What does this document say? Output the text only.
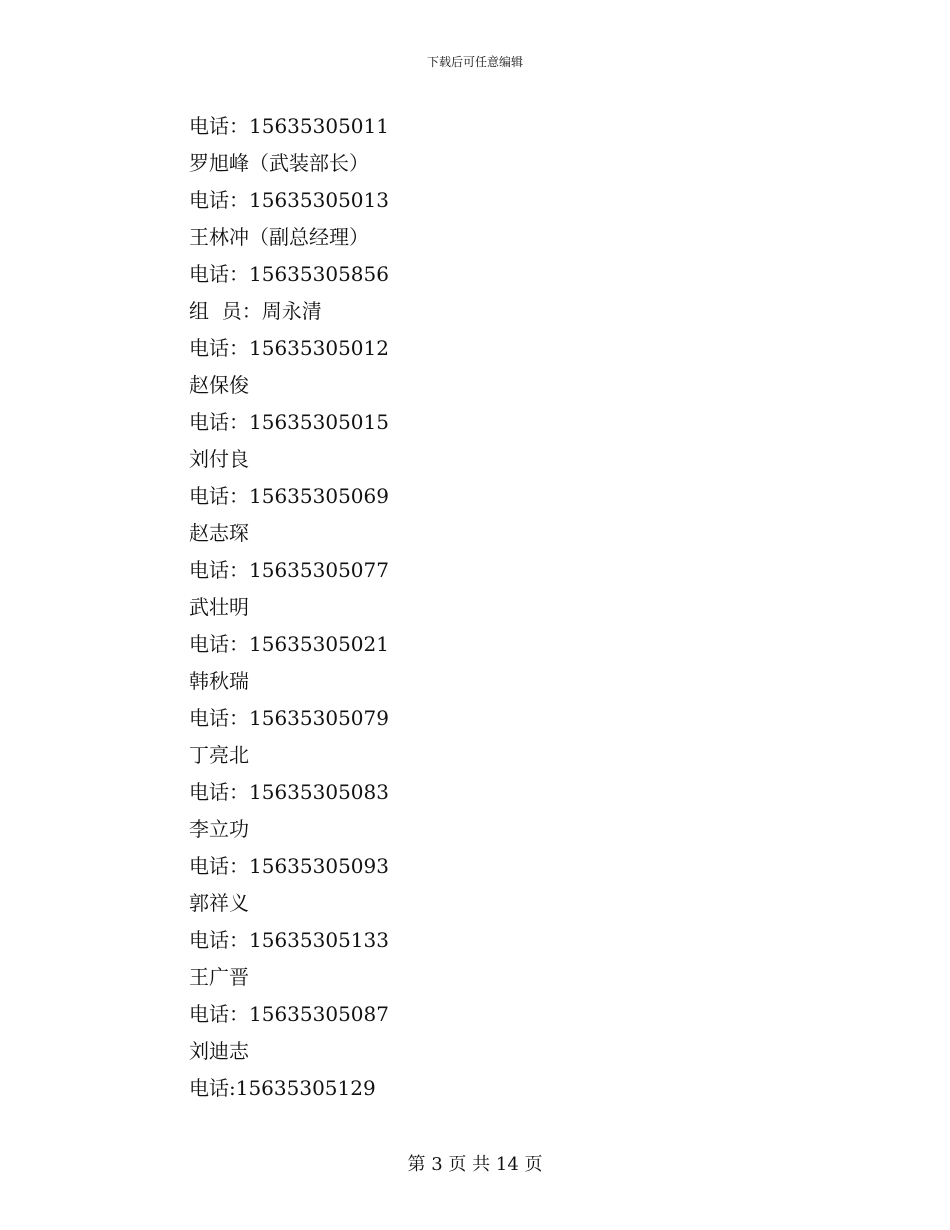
下载后可任意编辑
电话：15635305011
罗旭峰（武装部长）
电话：15635305013
王林冲（副总经理）
电话：15635305856
组  员：周永清
电话：15635305012
赵保俊
电话：15635305015
刘付良
电话：15635305069
赵志琛
电话：15635305077
武壮明
电话：15635305021
韩秋瑞
电话：15635305079
丁亮北
电话：15635305083
李立功
电话：15635305093
郭祥义
电话：15635305133
王广晋
电话：15635305087
刘迪志
电话:15635305129
第 3 页 共 14 页
